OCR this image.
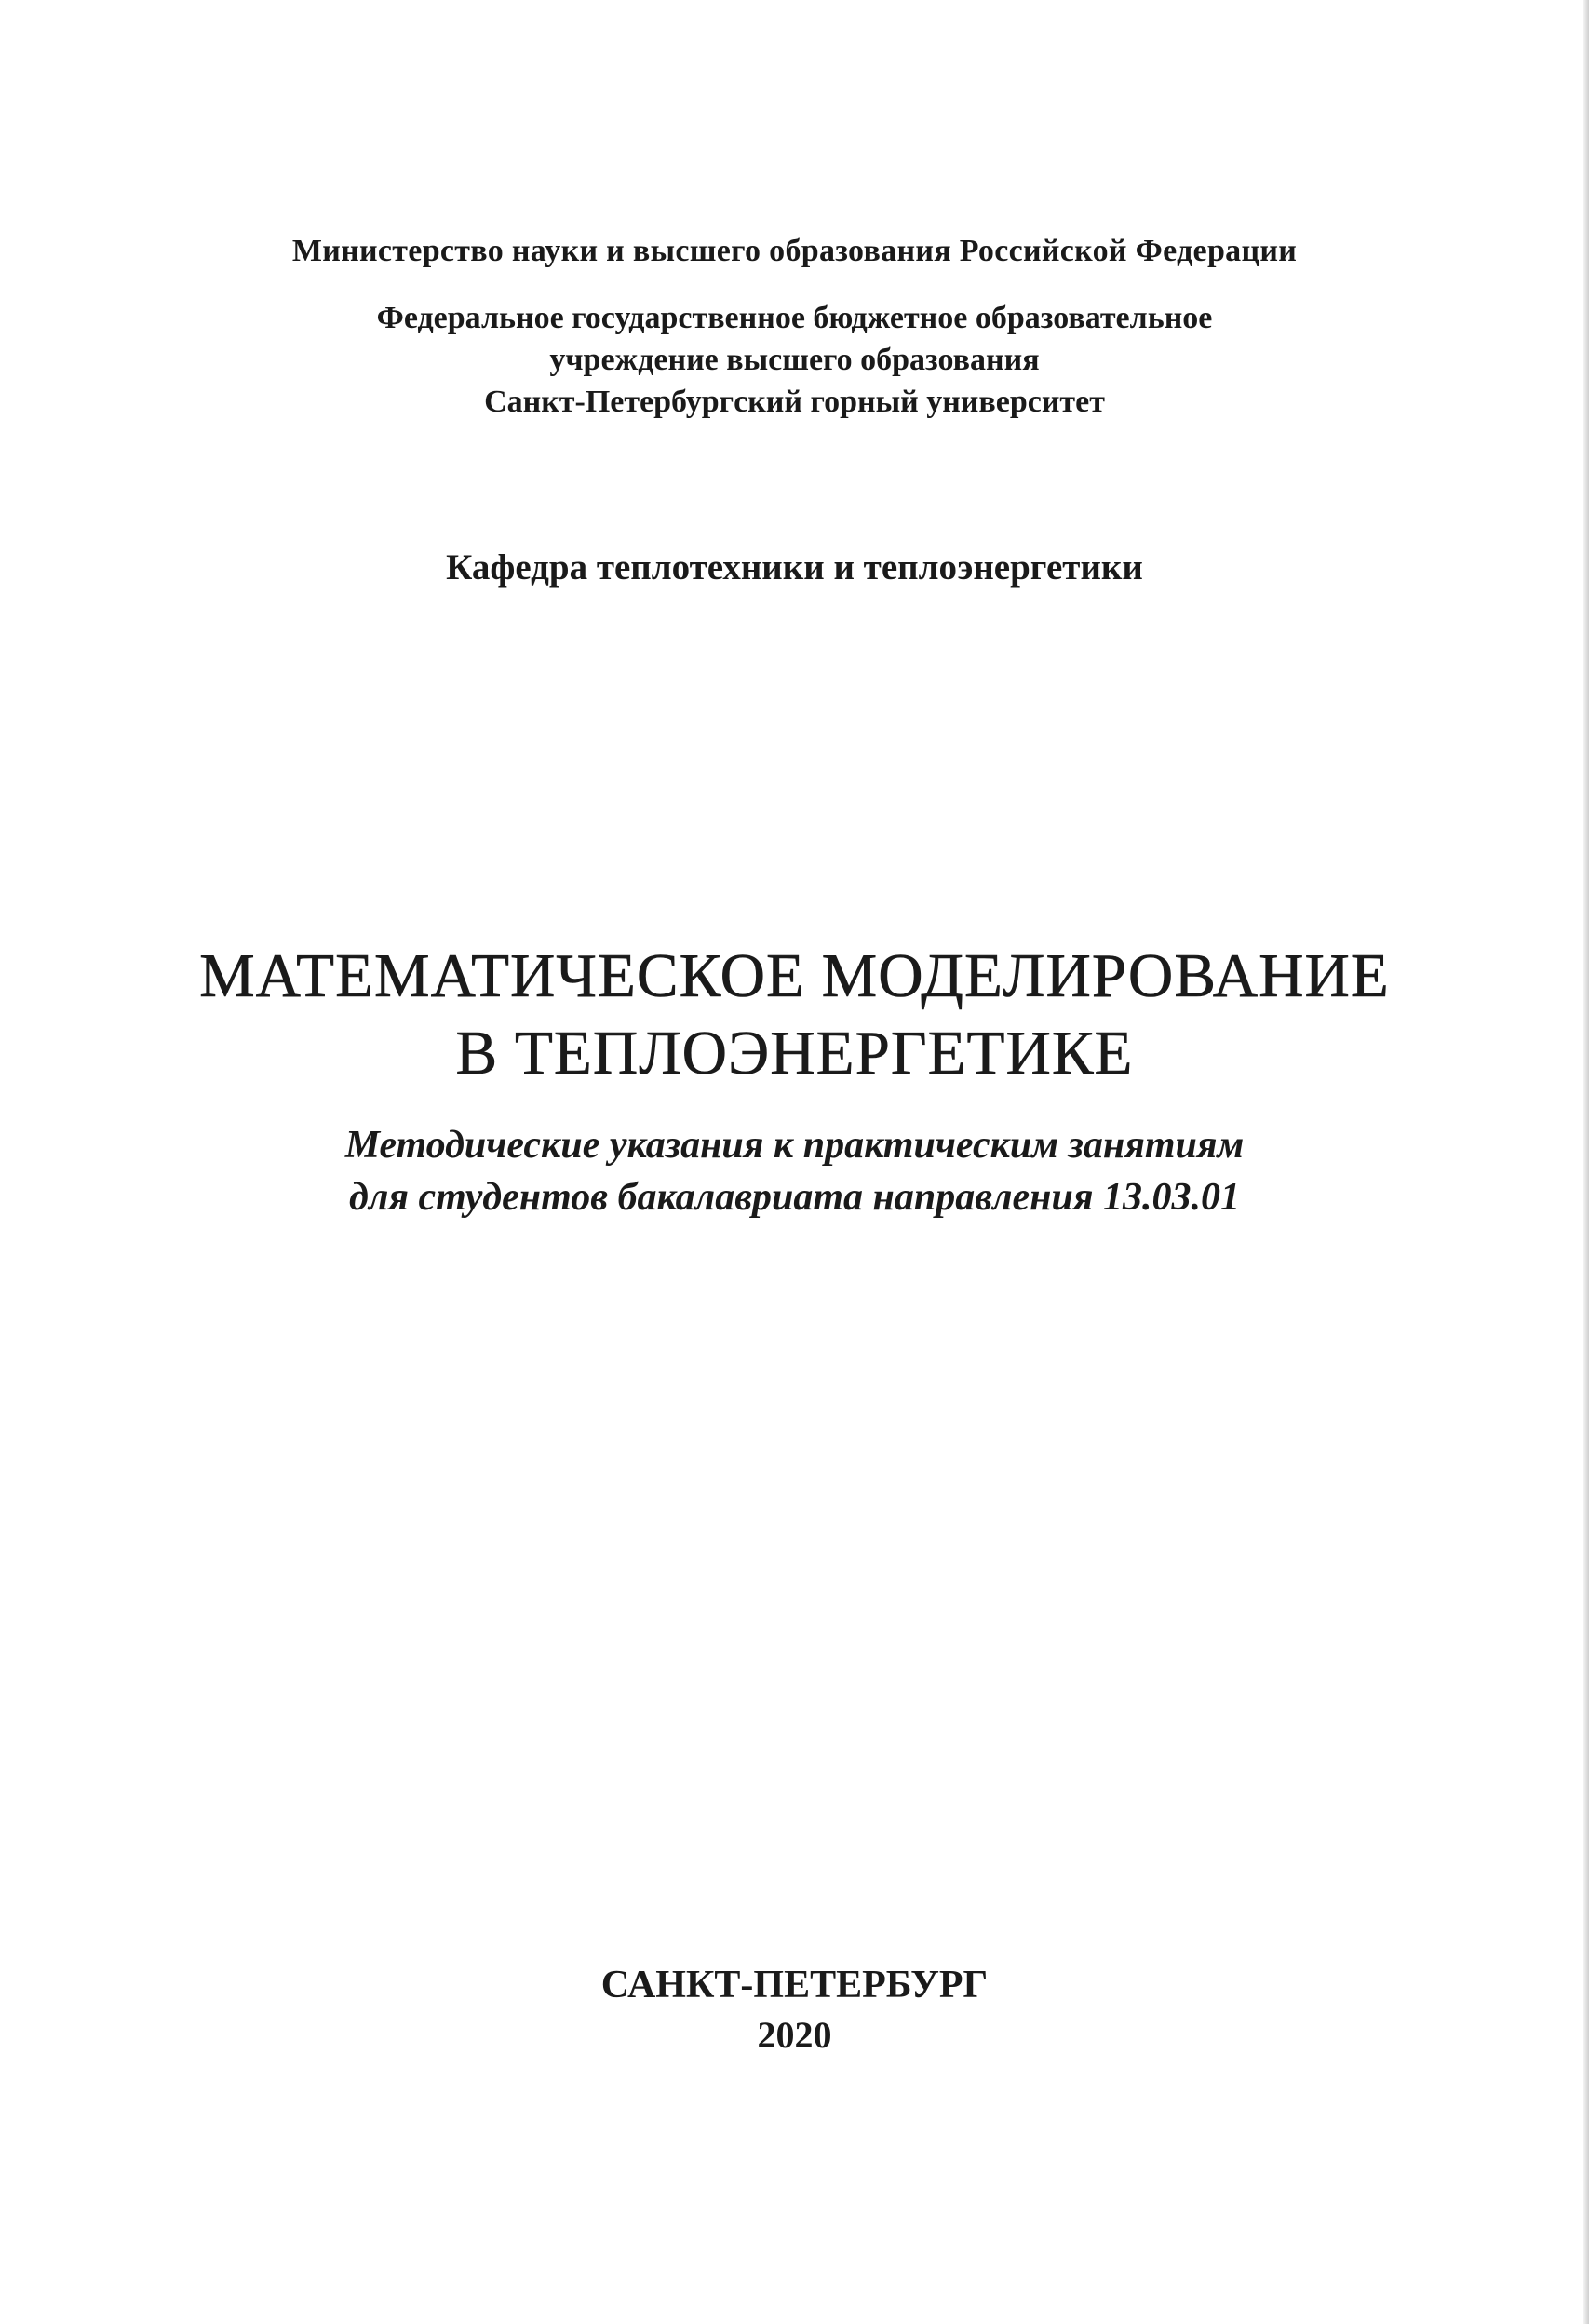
Министерство науки и высшего образования Российской Федерации
Федеральное государственное бюджетное образовательное
учреждение высшего образования
Санкт-Петербургский горный университет
Кафедра теплотехники и теплоэнергетики
МАТЕМАТИЧЕСКОЕ МОДЕЛИРОВАНИЕ
В ТЕПЛОЭНЕРГЕТИКЕ
Методические указания к практическим занятиям
для студентов бакалавриата направления 13.03.01
САНКТ-ПЕТЕРБУРГ
2020
